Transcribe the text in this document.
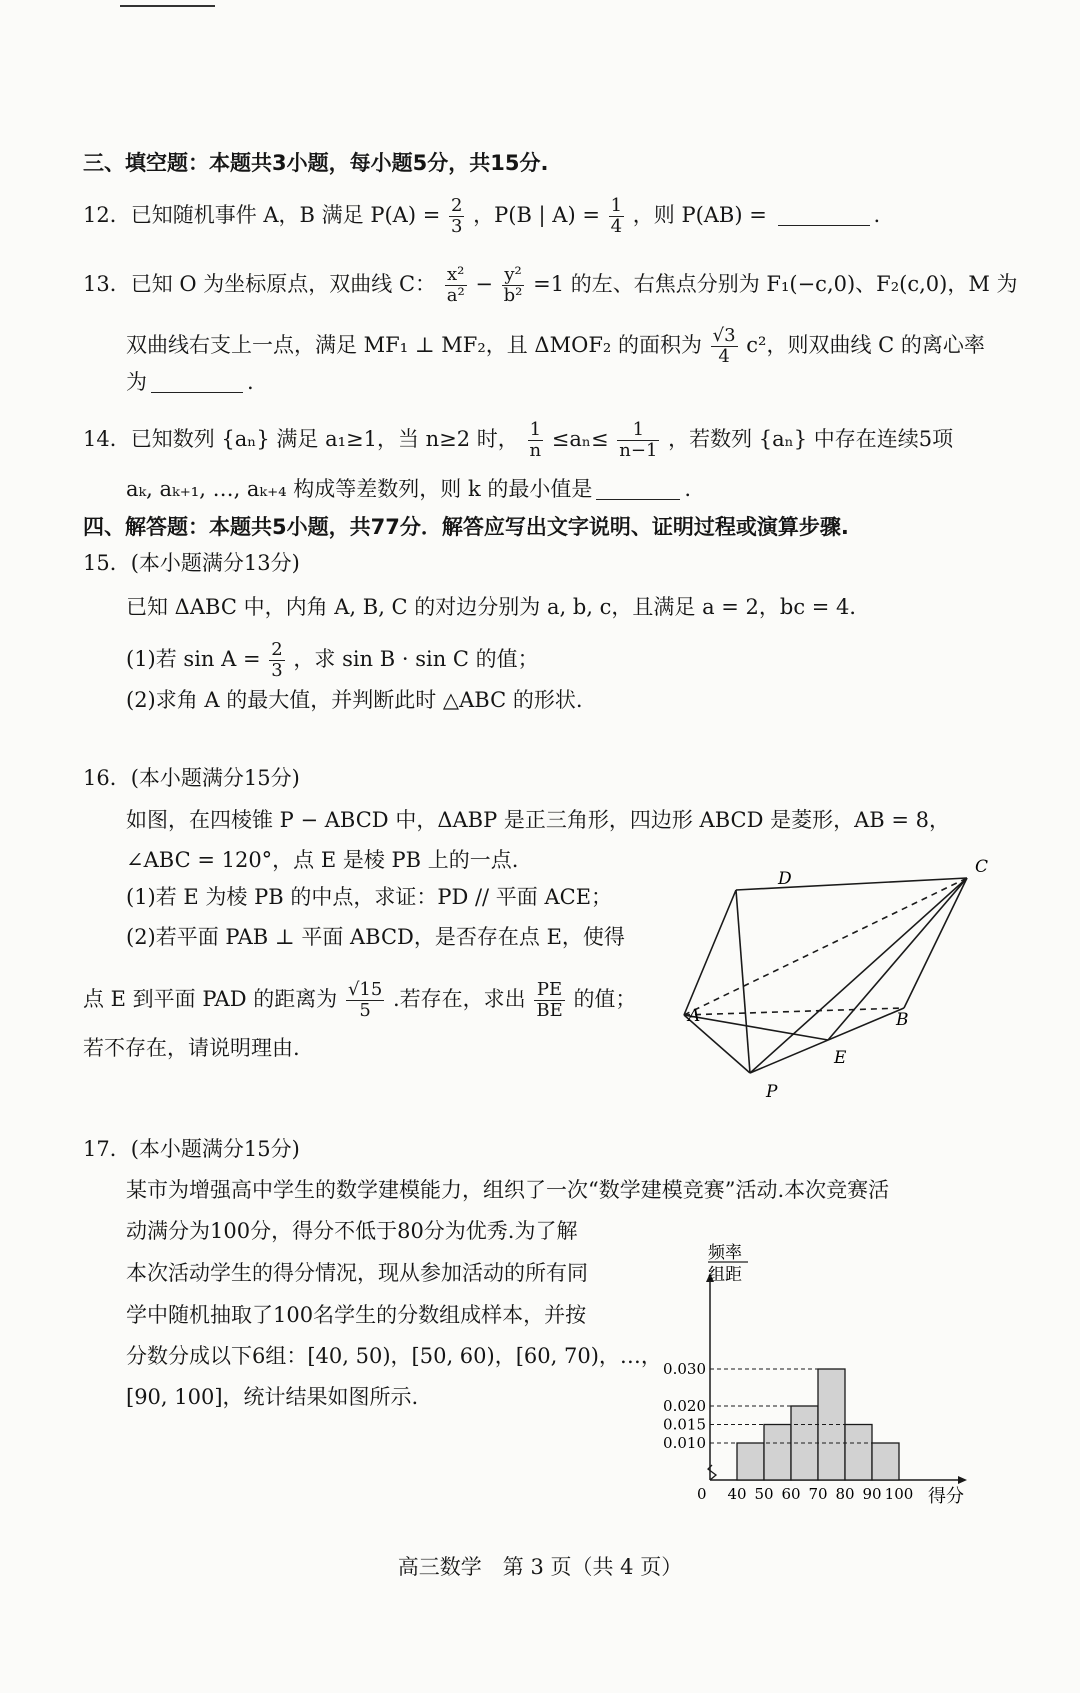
三、填空题：本题共3小题，每小题5分，共15分.
12．已知随机事件 A，B 满足 $P(A) = \frac{2}{3}$ ，P(B | $A) = \frac{1}{4}$ ，则 P(AB) =	.
13．已知 O 为坐标原点，双曲线 C： $\frac{\text{x²}}{\text{a²}} - \frac{\text{y²}}{\text{b²}} =1$ 的左、右焦点分别为 F₁(−c,0)、F₂(c,0)，M 为
双曲线右支上一点，满足 MF₁ ⊥ MF₂，且 ΔMOF₂ 的面积为 $\frac{√3}{4} c^2$，则双曲线 C 的离心率
为	.
14．已知数列 {aₙ} 满足 a₁≥1，当 n≥2 时， $\frac{1}{n} \le a_n\le \frac{1}{n-1}$ ，若数列 {aₙ} 中存在连续5项
aₖ, aₖ₊₁, …, aₖ₊₄ 构成等差数列，则 k 的最小值是	.
四、解答题：本题共5小题，共77分．解答应写出文字说明、证明过程或演算步骤.
15．(本小题满分13分)
已知 ΔABC 中，内角 A, B, C 的对边分别为 a, b, c，且满足 a = 2，bc = 4．
(1)若 $\sin A = \frac{2}{3}$ ，求 sin B · sin C 的值；
(2)求角 A 的最大值，并判断此时 △ABC 的形状.
16．(本小题满分15分)
如图，在四棱锥 P − ABCD 中，ΔABP 是正三角形，四边形 ABCD 是菱形，AB = 8，
∠ABC = 120°，点 E 是棱 PB 上的一点.
(1)若 E 为棱 PB 的中点，求证：PD // 平面 ACE；
(2)若平面 PAB ⊥ 平面 ABCD，是否存在点 E，使得
点 E 到平面 PAD 的距离为 $\frac{√15}{5}$ .若存在，求出 $\frac{PE}{BE}$ 的值；
若不存在，请说明理由.
D
C
A	B
E
P
17．(本小题满分15分)
某市为增强高中学生的数学建模能力，组织了一次“数学建模竞赛”活动.本次竞赛活
动满分为100分，得分不低于80分为优秀.为了解
本次活动学生的得分情况，现从参加活动的所有同
学中随机抽取了100名学生的分数组成样本，并按
分数分成以下6组：[40, 50)，[50, 60)，[60, 70)，…，
[90, 100]，统计结果如图所示.
0.030
0.020
0.015
0.010
40 50 60 70 80 90 100
频率
组距
得分
0
高三数学　第 3 页（共 4 页）
